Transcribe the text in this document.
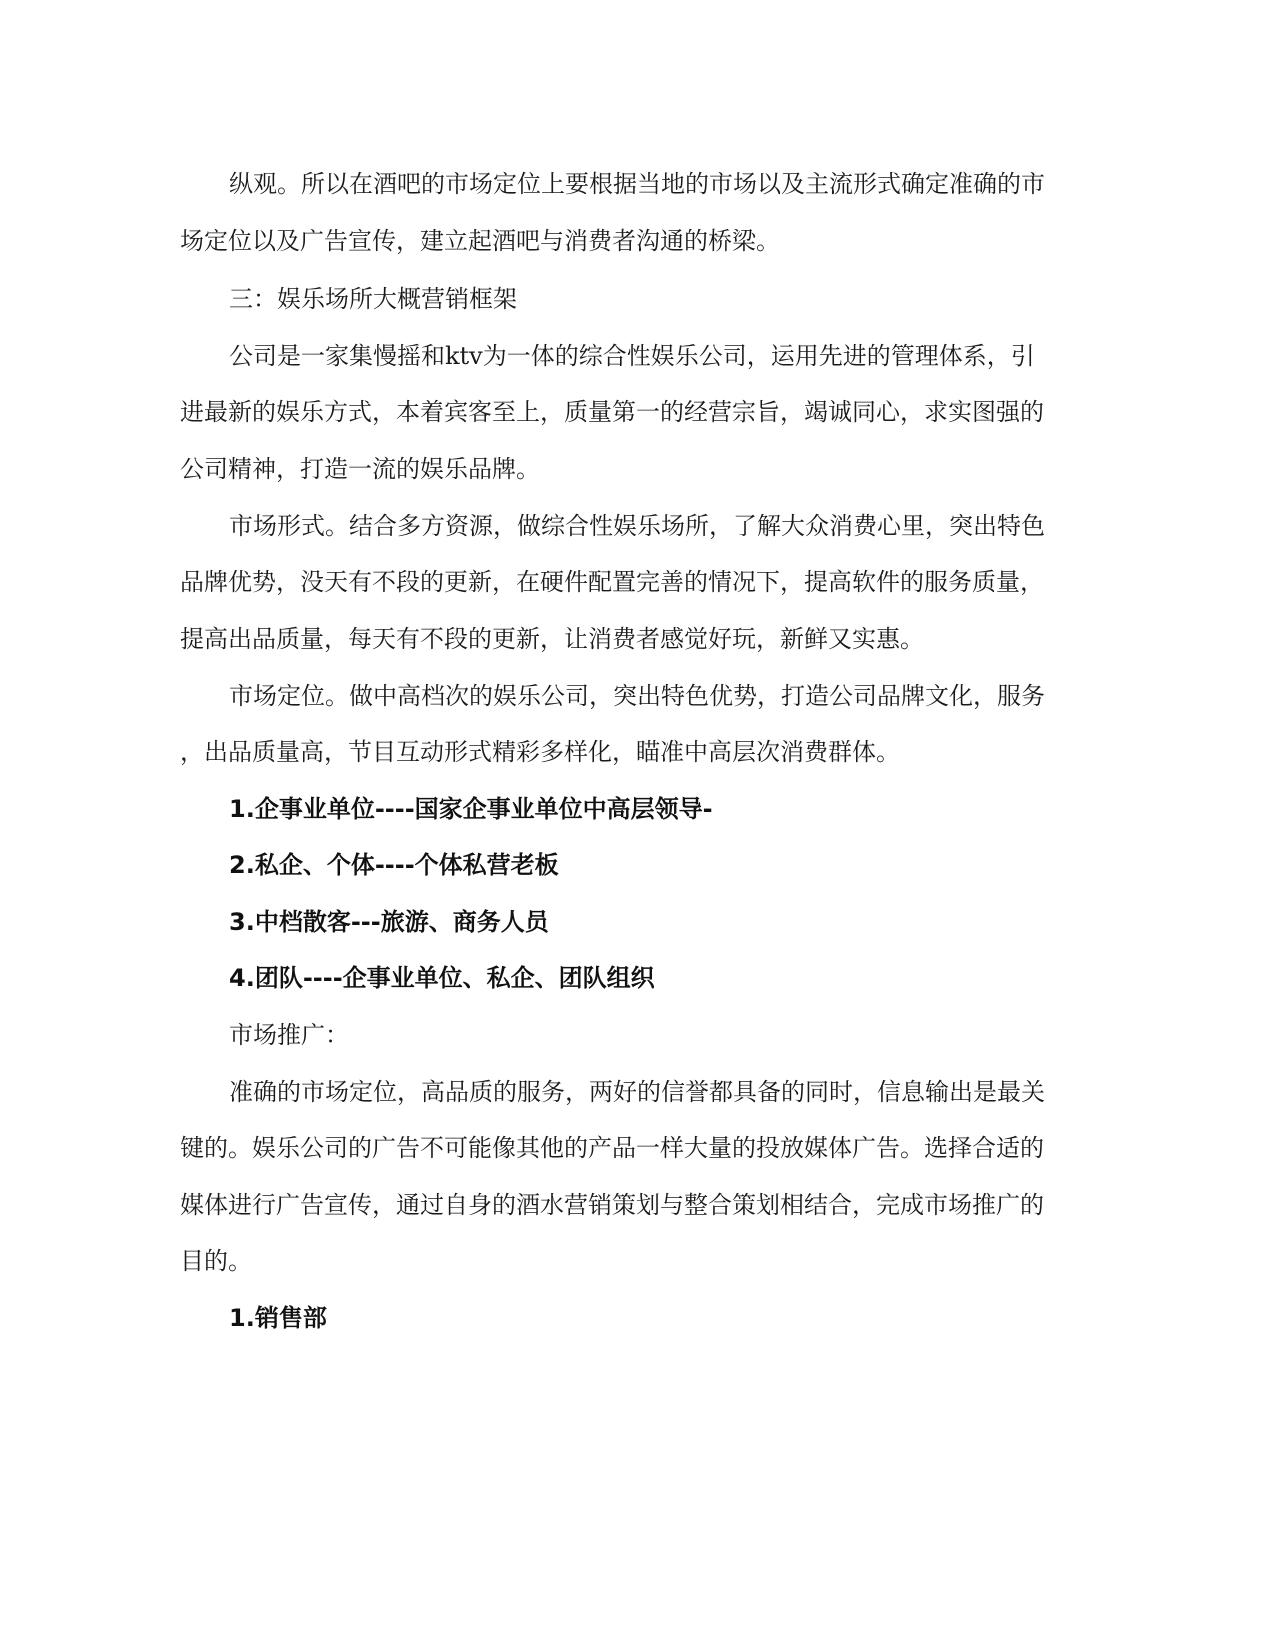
纵观。所以在酒吧的市场定位上要根据当地的市场以及主流形式确定准确的市

场定位以及广告宣传，建立起酒吧与消费者沟通的桥梁。

三：娱乐场所大概营销框架

公司是一家集慢摇和ktv为一体的综合性娱乐公司，运用先进的管理体系，引

进最新的娱乐方式，本着宾客至上，质量第一的经营宗旨，竭诚同心，求实图强的

公司精神，打造一流的娱乐品牌。

市场形式。结合多方资源，做综合性娱乐场所，了解大众消费心里，突出特色

品牌优势，没天有不段的更新，在硬件配置完善的情况下，提高软件的服务质量，

提高出品质量，每天有不段的更新，让消费者感觉好玩，新鲜又实惠。

市场定位。做中高档次的娱乐公司，突出特色优势，打造公司品牌文化，服务

，出品质量高，节目互动形式精彩多样化，瞄准中高层次消费群体。

1.企事业单位----国家企事业单位中高层领导-

2.私企、个体----个体私营老板

3.中档散客---旅游、商务人员

4.团队----企事业单位、私企、团队组织

市场推广：

准确的市场定位，高品质的服务，两好的信誉都具备的同时，信息输出是最关

键的。娱乐公司的广告不可能像其他的产品一样大量的投放媒体广告。选择合适的

媒体进行广告宣传，通过自身的酒水营销策划与整合策划相结合，完成市场推广的

目的。

1.销售部
